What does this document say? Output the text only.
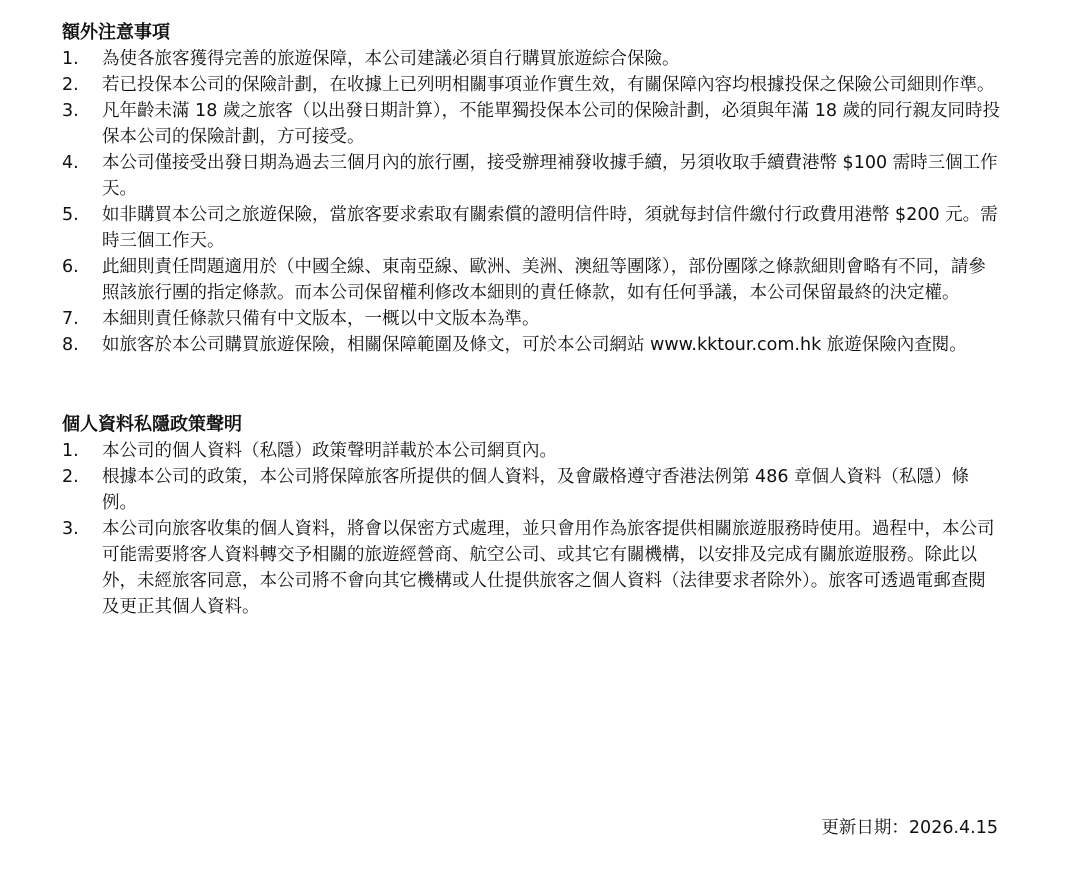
額外注意事項
1. 為使各旅客獲得完善的旅遊保障，本公司建議必須自行購買旅遊綜合保險。
2. 若已投保本公司的保險計劃，在收據上已列明相關事項並作實生效，有關保障內容均根據投保之保險公司細則作準。
3. 凡年齡未滿 18 歲之旅客（以出發日期計算），不能單獨投保本公司的保險計劃，必須與年滿 18 歲的同行親友同時投保本公司的保險計劃，方可接受。
4. 本公司僅接受出發日期為過去三個月內的旅行團，接受辦理補發收據手續，另須收取手續費港幣 $100 需時三個工作天。
5. 如非購買本公司之旅遊保險，當旅客要求索取有關索償的證明信件時，須就每封信件繳付行政費用港幣 $200 元。需時三個工作天。
6. 此細則責任問題適用於（中國全線、東南亞線、歐洲、美洲、澳紐等團隊），部份團隊之條款細則會略有不同，請參照該旅行團的指定條款。而本公司保留權利修改本細則的責任條款，如有任何爭議，本公司保留最終的決定權。
7. 本細則責任條款只備有中文版本，一概以中文版本為準。
8. 如旅客於本公司購買旅遊保險，相關保障範圍及條文，可於本公司網站 www.kktour.com.hk 旅遊保險內查閱。
個人資料私隱政策聲明
1. 本公司的個人資料（私隱）政策聲明詳載於本公司網頁內。
2. 根據本公司的政策，本公司將保障旅客所提供的個人資料，及會嚴格遵守香港法例第 486 章個人資料（私隱）條例。
3. 本公司向旅客收集的個人資料，將會以保密方式處理，並只會用作為旅客提供相關旅遊服務時使用。過程中，本公司可能需要將客人資料轉交予相關的旅遊經營商、航空公司、或其它有關機構，以安排及完成有關旅遊服務。除此以外，未經旅客同意，本公司將不會向其它機構或人仕提供旅客之個人資料（法律要求者除外）。旅客可透過電郵查閱及更正其個人資料。
更新日期：2026.4.15
